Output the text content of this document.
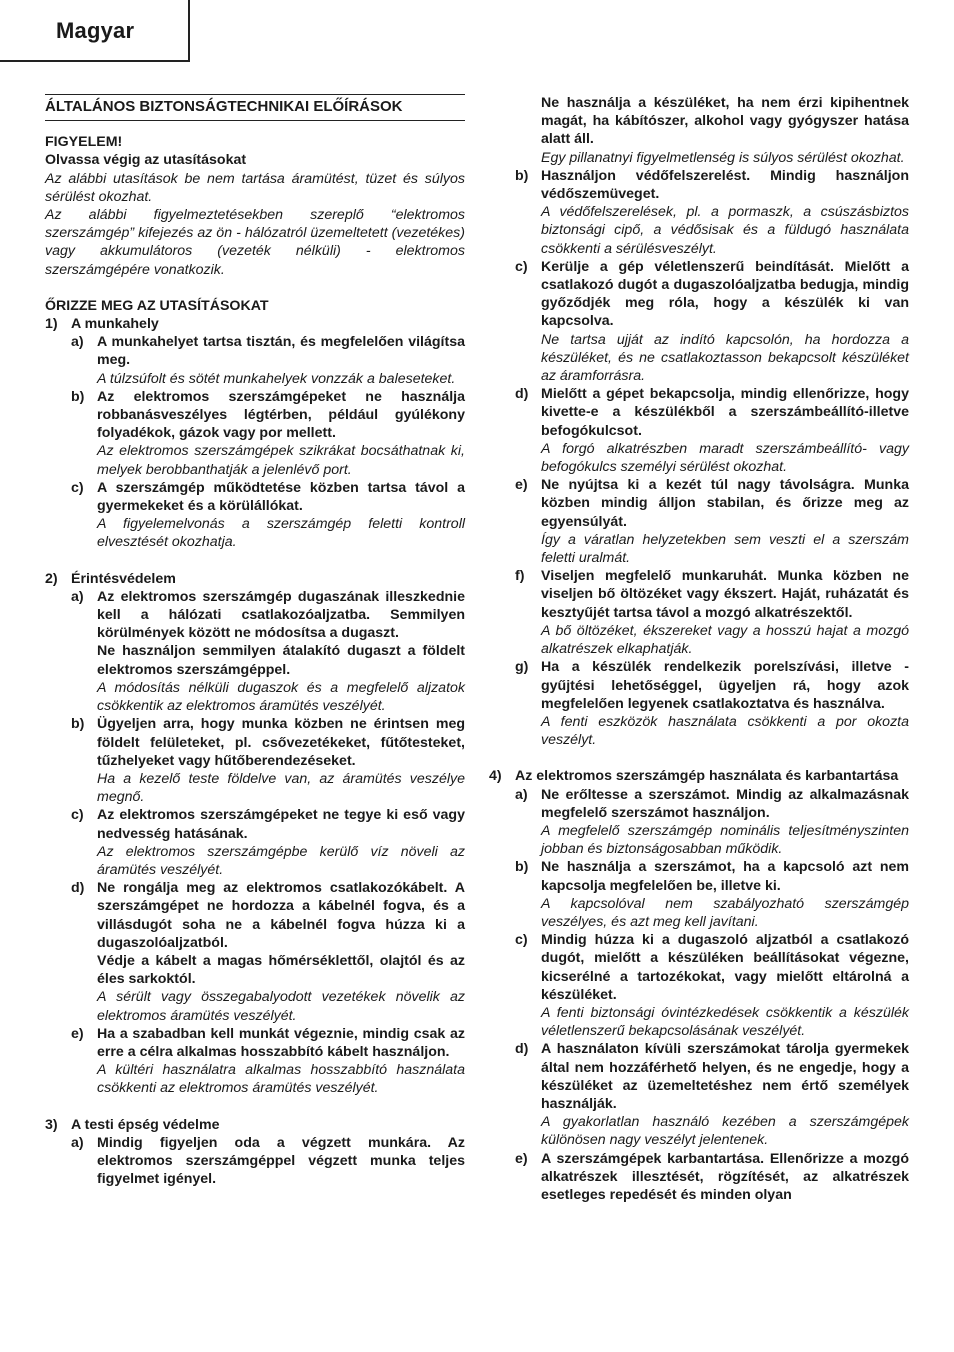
Magyar
ÁLTALÁNOS BIZTONSÁGTECHNIKAI ELŐÍRÁSOK

FIGYELEM!

Olvassa végig az utasításokat

Az alábbi utasítások be nem tartása áramütést, tüzet és súlyos sérülést okozhat.

Az alábbi figyelmeztetésekben szereplő “elektromos szerszámgép” kifejezés az ön - hálózatról üzemeltetett (vezetékes) vagy akkumulátoros (vezeték nélküli) - elektromos szerszámgépére vonatkozik.

ŐRIZZE MEG AZ UTASÍTÁSOKAT

1) A munkahely
a) A munkahelyet tartsa tisztán, és megfelelően világítsa meg.

A túlzsúfolt és sötét munkahelyek vonzzák a baleseteket.

b) Az elektromos szerszámgépeket ne használja robbanásveszélyes légtérben, például gyúlékony folyadékok, gázok vagy por mellett.

Az elektromos szerszámgépek szikrákat bocsáthatnak ki, melyek berobbanthatják a jelenlévő port.

c) A szerszámgép működtetése közben tartsa távol a gyermekeket és a körülállókat.

A figyelemelvonás a szerszámgép feletti kontroll elvesztését okozhatja.

2) Érintésvédelem
a) Az elektromos szerszámgép dugaszának illeszkednie kell a hálózati csatlakozóaljzatba. Semmilyen körülmények között ne módosítsa a dugaszt.

Ne használjon semmilyen átalakító dugaszt a földelt elektromos szerszámgéppel.

A módosítás nélküli dugaszok és a megfelelő aljzatok csökkentik az elektromos áramütés veszélyét.

b) Ügyeljen arra, hogy munka közben ne érintsen meg földelt felületeket, pl. csővezetékeket, fűtőtesteket, tűzhelyeket vagy hűtőberendezéseket.

Ha a kezelő teste földelve van, az áramütés veszélye megnő.

c) Az elektromos szerszámgépeket ne tegye ki eső vagy nedvesség hatásának.

Az elektromos szerszámgépbe kerülő víz növeli az áramütés veszélyét.

d) Ne rongálja meg az elektromos csatlakozókábelt. A szerszámgépet ne hordozza a kábelnél fogva, és a villásdugót soha ne a kábelnél fogva húzza ki a dugaszolóaljzatból.

Védje a kábelt a magas hőmérséklettől, olajtól és az éles sarkoktól.

A sérült vagy összegabalyodott vezetékek növelik az elektromos áramütés veszélyét.

e) Ha a szabadban kell munkát végeznie, mindig csak az erre a célra alkalmas hosszabbító kábelt használjon.

A kültéri használatra alkalmas hosszabbító használata csökkenti az elektromos áramütés veszélyét.

3) A testi épség védelme
a) Mindig figyeljen oda a végzett munkára. Az elektromos szerszámgéppel végzett munka teljes figyelmet igényel.

Ne használja a készüléket, ha nem érzi kipihentnek magát, ha kábítószer, alkohol vagy gyógyszer hatása alatt áll.

Egy pillanatnyi figyelmetlenség is súlyos sérülést okozhat.

b) Használjon védőfelszerelést. Mindig használjon védőszemüveget.

A védőfelszerelések, pl. a pormaszk, a csúszásbiztos biztonsági cipő, a védősisak és a füldugó használata csökkenti a sérülésveszélyt.

c) Kerülje a gép véletlenszerű beindítását. Mielőtt a csatlakozó dugót a dugaszolóaljzatba bedugja, mindig győződjék meg róla, hogy a készülék ki van kapcsolva.

Ne tartsa ujját az indító kapcsolón, ha hordozza a készüléket, és ne csatlakoztasson bekapcsolt készüléket az áramforrásra.

d) Mielőtt a gépet bekapcsolja, mindig ellenőrizze, hogy kivette-e a készülékből a szerszámbeállító-illetve befogókulcsot.

A forgó alkatrészben maradt szerszámbeállító- vagy befogókulcs személyi sérülést okozhat.

e) Ne nyújtsa ki a kezét túl nagy távolságra. Munka közben mindig álljon stabilan, és őrizze meg az egyensúlyát.

Így a váratlan helyzetekben sem veszti el a szerszám feletti uralmát.

f)	Viseljen megfelelő munkaruhát. Munka közben ne viseljen bő öltözéket vagy ékszert. Haját, ruházatát és kesztyűjét tartsa távol a mozgó alkatrészektől.

A bő öltözéket, ékszereket vagy a hosszú hajat a mozgó alkatrészek elkaphatják.

g) Ha a készülék rendelkezik porelszívási, illetve - gyűjtési lehetőséggel, ügyeljen rá, hogy azok megfelelően legyenek csatlakoztatva és használva.

A fenti eszközök használata csökkenti a por okozta veszélyt.

4) Az elektromos szerszámgép használata és karbantartása
a) Ne erőltesse a szerszámot. Mindig az alkalmazásnak megfelelő szerszámot használjon.

A megfelelő szerszámgép nominális teljesítményszinten jobban és biztonságosabban működik.

b) Ne használja a szerszámot, ha a kapcsoló azt nem kapcsolja megfelelően be, illetve ki.

A kapcsolóval nem szabályozható szerszámgép veszélyes, és azt meg kell javítani.

c) Mindig húzza ki a dugaszoló aljzatból a csatlakozó dugót, mielőtt a készüléken beállításokat végezne, kicserélné a tartozékokat, vagy mielőtt eltárolná a készüléket.

A fenti biztonsági óvintézkedések csökkentik a készülék véletlenszerű bekapcsolásának veszélyét.

d) A használaton kívüli szerszámokat tárolja gyermekek által nem hozzáférhető helyen, és ne engedje, hogy a készüléket az üzemeltetéshez nem értő személyek használják.

A gyakorlatlan használó kezében a szerszámgépek különösen nagy veszélyt jelentenek.

e) A szerszámgépek karbantartása. Ellenőrizze a mozgó alkatrészek illesztését, rögzítését, az alkatrészek esetleges repedését és minden olyan
